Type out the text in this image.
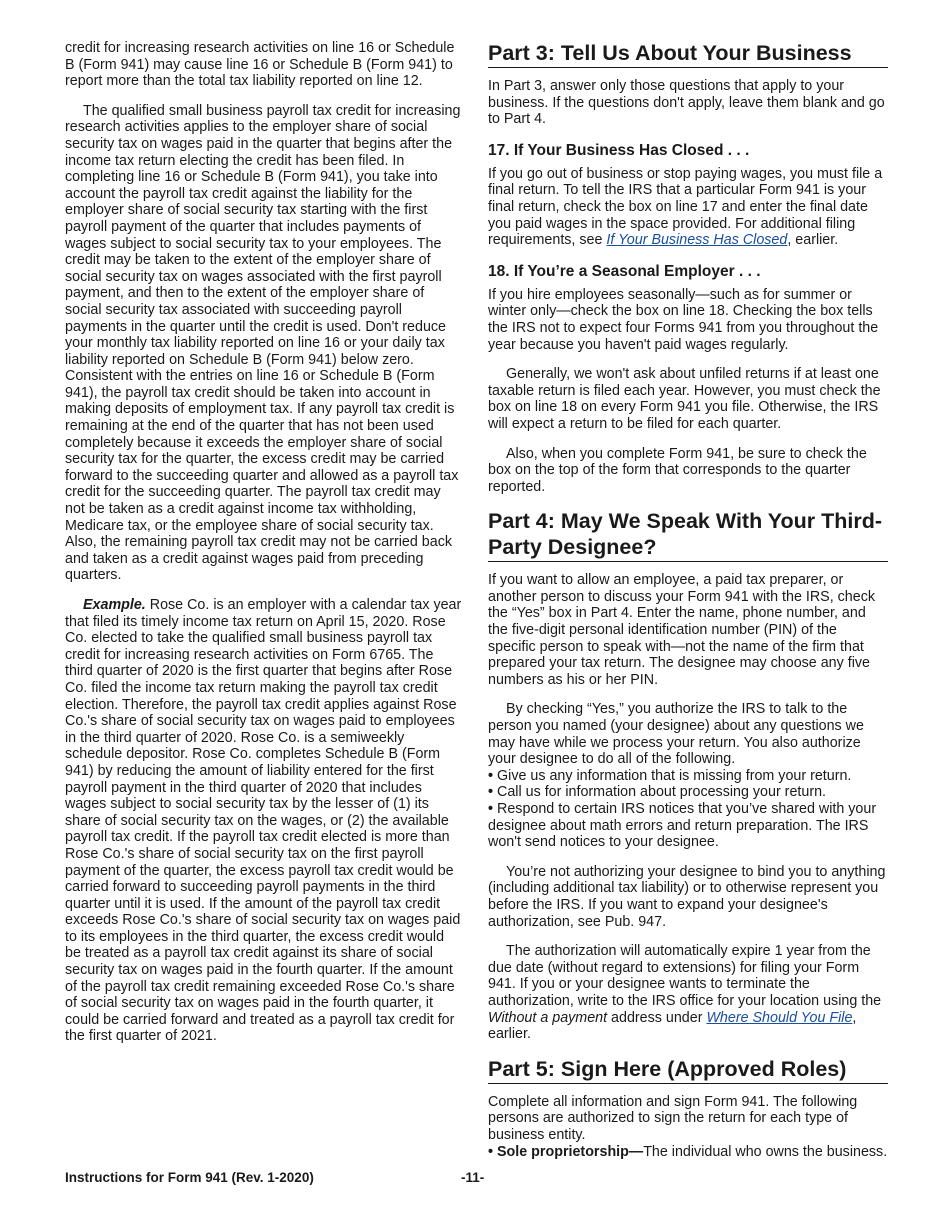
credit for increasing research activities on line 16 or Schedule B (Form 941) may cause line 16 or Schedule B (Form 941) to report more than the total tax liability reported on line 12.

The qualified small business payroll tax credit for increasing research activities applies to the employer share of social security tax on wages paid in the quarter that begins after the income tax return electing the credit has been filed. In completing line 16 or Schedule B (Form 941), you take into account the payroll tax credit against the liability for the employer share of social security tax starting with the first payroll payment of the quarter that includes payments of wages subject to social security tax to your employees. The credit may be taken to the extent of the employer share of social security tax on wages associated with the first payroll payment, and then to the extent of the employer share of social security tax associated with succeeding payroll payments in the quarter until the credit is used. Don't reduce your monthly tax liability reported on line 16 or your daily tax liability reported on Schedule B (Form 941) below zero. Consistent with the entries on line 16 or Schedule B (Form 941), the payroll tax credit should be taken into account in making deposits of employment tax. If any payroll tax credit is remaining at the end of the quarter that has not been used completely because it exceeds the employer share of social security tax for the quarter, the excess credit may be carried forward to the succeeding quarter and allowed as a payroll tax credit for the succeeding quarter. The payroll tax credit may not be taken as a credit against income tax withholding, Medicare tax, or the employee share of social security tax. Also, the remaining payroll tax credit may not be carried back and taken as a credit against wages paid from preceding quarters.

Example. Rose Co. is an employer with a calendar tax year that filed its timely income tax return on April 15, 2020. Rose Co. elected to take the qualified small business payroll tax credit for increasing research activities on Form 6765. The third quarter of 2020 is the first quarter that begins after Rose Co. filed the income tax return making the payroll tax credit election. Therefore, the payroll tax credit applies against Rose Co.'s share of social security tax on wages paid to employees in the third quarter of 2020. Rose Co. is a semiweekly schedule depositor. Rose Co. completes Schedule B (Form 941) by reducing the amount of liability entered for the first payroll payment in the third quarter of 2020 that includes wages subject to social security tax by the lesser of (1) its share of social security tax on the wages, or (2) the available payroll tax credit. If the payroll tax credit elected is more than Rose Co.'s share of social security tax on the first payroll payment of the quarter, the excess payroll tax credit would be carried forward to succeeding payroll payments in the third quarter until it is used. If the amount of the payroll tax credit exceeds Rose Co.'s share of social security tax on wages paid to its employees in the third quarter, the excess credit would be treated as a payroll tax credit against its share of social security tax on wages paid in the fourth quarter. If the amount of the payroll tax credit remaining exceeded Rose Co.'s share of social security tax on wages paid in the fourth quarter, it could be carried forward and treated as a payroll tax credit for the first quarter of 2021.

Part 3: Tell Us About Your Business

In Part 3, answer only those questions that apply to your business. If the questions don't apply, leave them blank and go to Part 4.

17. If Your Business Has Closed . . .

If you go out of business or stop paying wages, you must file a final return. To tell the IRS that a particular Form 941 is your final return, check the box on line 17 and enter the final date you paid wages in the space provided. For additional filing requirements, see If Your Business Has Closed, earlier.

18. If You’re a Seasonal Employer . . .

If you hire employees seasonally—such as for summer or winter only—check the box on line 18. Checking the box tells the IRS not to expect four Forms 941 from you throughout the year because you haven't paid wages regularly.

Generally, we won't ask about unfiled returns if at least one taxable return is filed each year. However, you must check the box on line 18 on every Form 941 you file. Otherwise, the IRS will expect a return to be filed for each quarter.

Also, when you complete Form 941, be sure to check the box on the top of the form that corresponds to the quarter reported.

Part 4: May We Speak With Your Third-Party Designee?

If you want to allow an employee, a paid tax preparer, or another person to discuss your Form 941 with the IRS, check the “Yes” box in Part 4. Enter the name, phone number, and the five-digit personal identification number (PIN) of the specific person to speak with—not the name of the firm that prepared your tax return. The designee may choose any five numbers as his or her PIN.

By checking “Yes,” you authorize the IRS to talk to the person you named (your designee) about any questions we may have while we process your return. You also authorize your designee to do all of the following.

• Give us any information that is missing from your return.
• Call us for information about processing your return.
• Respond to certain IRS notices that you’ve shared with your designee about math errors and return preparation. The IRS won't send notices to your designee.

You’re not authorizing your designee to bind you to anything (including additional tax liability) or to otherwise represent you before the IRS. If you want to expand your designee's authorization, see Pub. 947.

The authorization will automatically expire 1 year from the due date (without regard to extensions) for filing your Form 941. If you or your designee wants to terminate the authorization, write to the IRS office for your location using the Without a payment address under Where Should You File, earlier.

Part 5: Sign Here (Approved Roles)

Complete all information and sign Form 941. The following persons are authorized to sign the return for each type of business entity.

• Sole proprietorship—The individual who owns the business.

Instructions for Form 941 (Rev. 1-2020)	-11-
